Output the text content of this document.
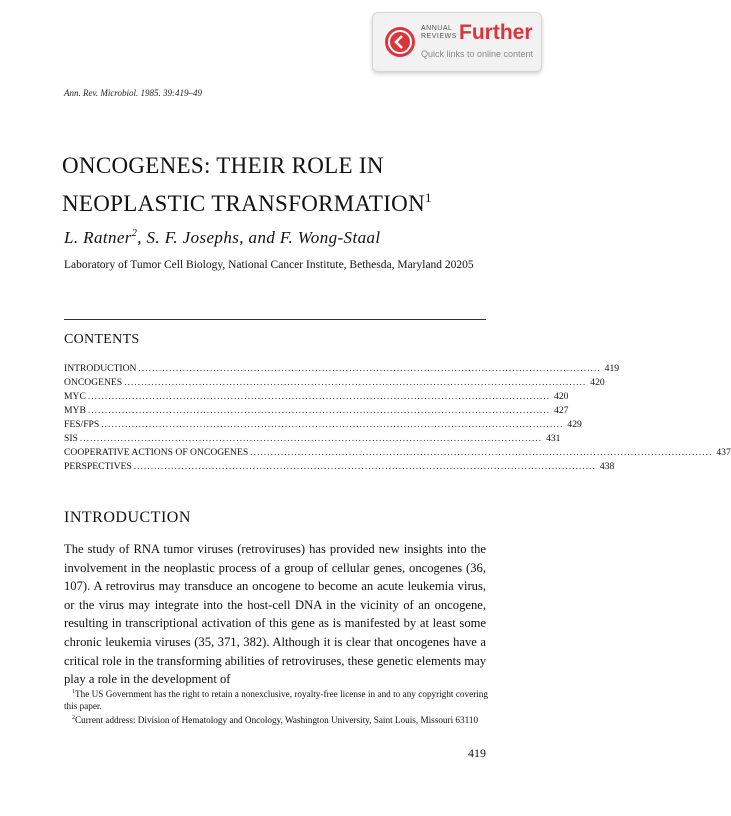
ANNUAL REVIEWS Further
Quick links to online content
Ann. Rev. Microbiol. 1985. 39:419–49
ONCOGENES: THEIR ROLE IN
NEOPLASTIC TRANSFORMATION$^1$
L. Ratner$^2$, S. F. Josephs, and F. Wong-Staal
Laboratory of Tumor Cell Biology, National Cancer Institute, Bethesda, Maryland 20205
CONTENTS
INTRODUCTION ........................................................................................................................................ 419
ONCOGENES ........................................................................................................................................ 420
MYC ........................................................................................................................................ 420
MYB ........................................................................................................................................ 427
FES/FPS ........................................................................................................................................ 429
SIS ........................................................................................................................................ 431
COOPERATIVE ACTIONS OF ONCOGENES ........................................................................................................................................ 437
PERSPECTIVES ........................................................................................................................................ 438
INTRODUCTION

The study of RNA tumor viruses (retroviruses) has provided new insights into the involvement in the neoplastic process of a group of cellular genes, oncogenes (36, 107). A retrovirus may transduce an oncogene to become an acute leukemia virus, or the virus may integrate into the host-cell DNA in the vicinity of an oncogene, resulting in transcriptional activation of this gene as is manifested by at least some chronic leukemia viruses (35, 371, 382). Although it is clear that oncogenes have a critical role in the transforming abilities of retroviruses, these genetic elements may play a role in the development of

$^1$The US Government has the right to retain a nonexclusive, royalty-free license in and to any copyright covering this paper.

$^2$Current address: Division of Hematology and Oncology, Washington University, Saint Louis, Missouri 63110

419
